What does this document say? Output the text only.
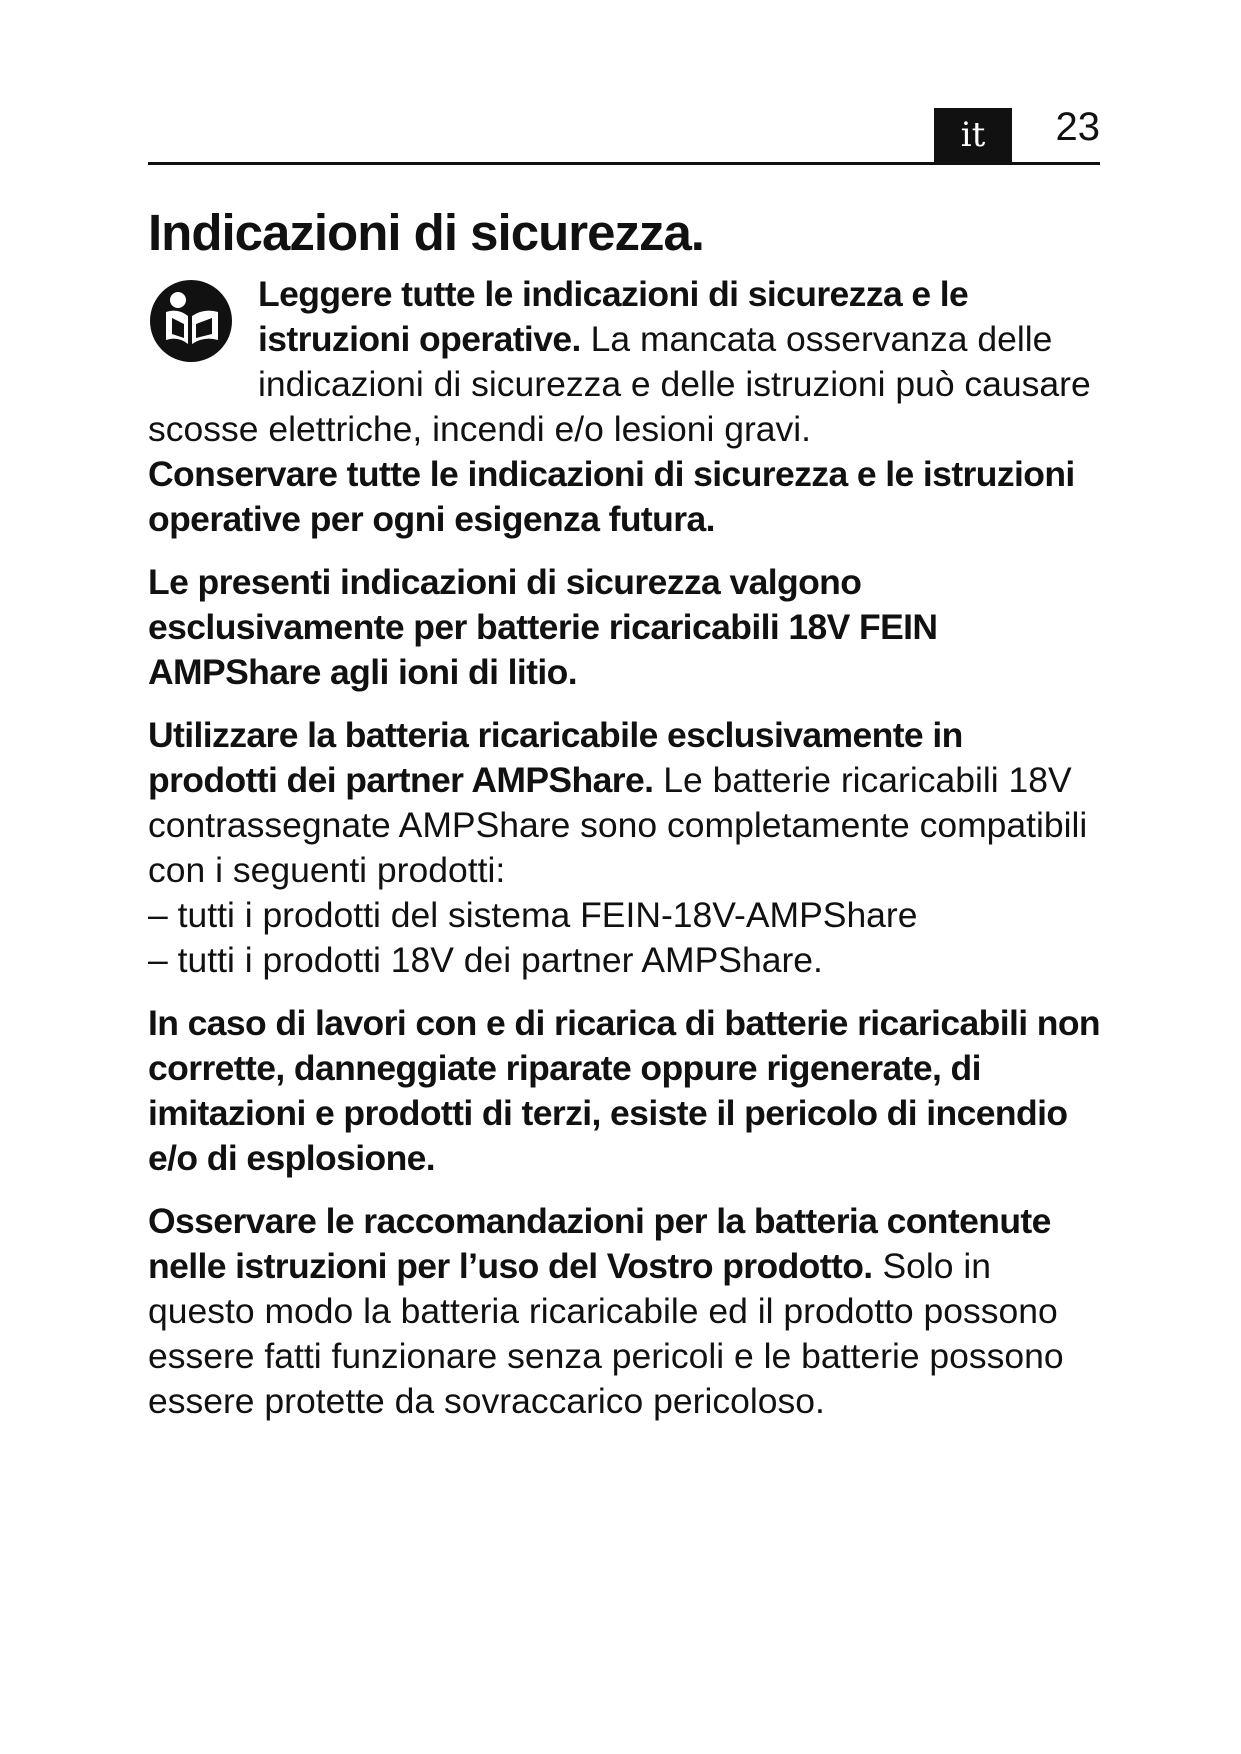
it	23
Indicazioni di sicurezza.

Leggere tutte le indicazioni di sicurezza e le istruzioni operative. La mancata osservanza delle indicazioni di sicurezza e delle istruzioni può causare scosse elettriche, incendi e/o lesioni gravi.

Conservare tutte le indicazioni di sicurezza e le istruzioni operative per ogni esigenza futura.

Le presenti indicazioni di sicurezza valgono esclusivamente per batterie ricaricabili 18V FEIN AMPShare agli ioni di litio.

Utilizzare la batteria ricaricabile esclusivamente in prodotti dei partner AMPShare. Le batterie ricaricabili 18V contrassegnate AMPShare sono completamente compatibili con i seguenti prodotti:

– tutti i prodotti del sistema FEIN-18V-AMPShare

– tutti i prodotti 18V dei partner AMPShare.

In caso di lavori con e di ricarica di batterie ricaricabili non corrette, danneggiate riparate oppure rigenerate, di imitazioni e prodotti di terzi, esiste il pericolo di incendio e/o di esplosione.

Osservare le raccomandazioni per la batteria contenute nelle istruzioni per l’uso del Vostro prodotto. Solo in questo modo la batteria ricaricabile ed il prodotto possono essere fatti funzionare senza pericoli e le batterie possono essere protette da sovraccarico pericoloso.
